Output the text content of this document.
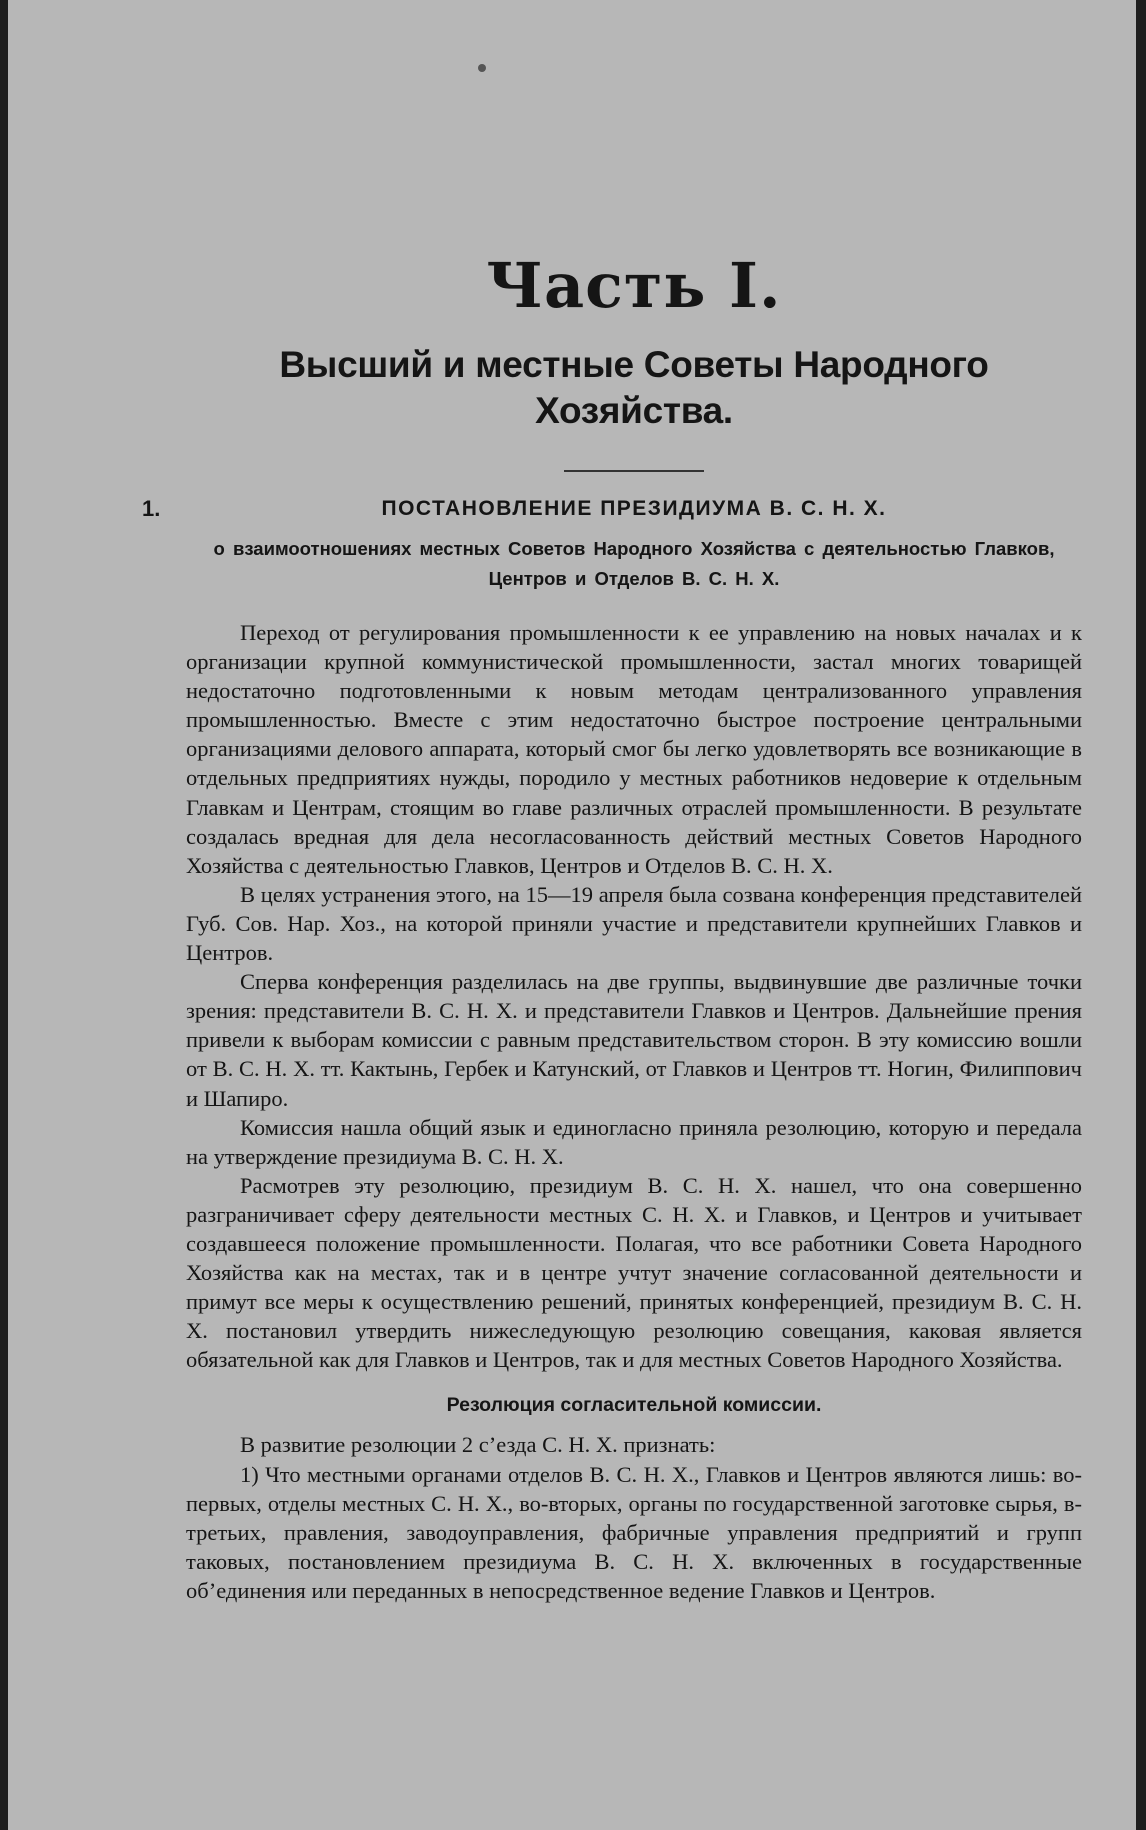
Часть I.
Высший и местные Советы Народного Хозяйства.
1.	ПОСТАНОВЛЕНИЕ ПРЕЗИДИУМА В. С. Н. Х.

о взаимоотношениях местных Советов Народного Хозяйства с деятельностью Главков, Центров и Отделов В. С. Н. Х.

Переход от регулирования промышленности к ее управлению на новых началах и к организации крупной коммунистической промышленности, застал многих товарищей недостаточно подготовленными к новым методам централизованного управления промышленностью. Вместе с этим недостаточно быстрое построение центральными организациями делового аппарата, который смог бы легко удовлетворять все возникающие в отдельных предприятиях нужды, породило у местных работников недоверие к отдельным Главкам и Центрам, стоящим во главе различных отраслей промышленности. В результате создалась вредная для дела несогласованность действий местных Советов Народного Хозяйства с деятельностью Главков, Центров и Отделов В. С. Н. Х.

В целях устранения этого, на 15—19 апреля была созвана конференция представителей Губ. Сов. Нар. Хоз., на которой приняли участие и представители крупнейших Главков и Центров.

Сперва конференция разделилась на две группы, выдвинувшие две различные точки зрения: представители В. С. Н. Х. и представители Главков и Центров. Дальнейшие прения привели к выборам комиссии с равным представительством сторон. В эту комиссию вошли от В. С. Н. Х. тт. Кактынь, Гербек и Катунский, от Главков и Центров тт. Ногин, Филиппович и Шапиро.

Комиссия нашла общий язык и единогласно приняла резолюцию, которую и передала на утверждение президиума В. С. Н. Х.

Расмотрев эту резолюцию, президиум В. С. Н. Х. нашел, что она совершенно разграничивает сферу деятельности местных С. Н. Х. и Главков, и Центров и учитывает создавшееся положение промышленности. Полагая, что все работники Совета Народного Хозяйства как на местах, так и в центре учтут значение согласованной деятельности и примут все меры к осуществлению решений, принятых конференцией, президиум В. С. Н. Х. постановил утвердить нижеследующую резолюцию совещания, каковая является обязательной как для Главков и Центров, так и для местных Советов Народного Хозяйства.

Резолюция согласительной комиссии.

В развитие резолюции 2 с’езда С. Н. Х. признать:

1) Что местными органами отделов В. С. Н. Х., Главков и Центров являются лишь: во-первых, отделы местных С. Н. Х., во-вторых, органы по государственной заготовке сырья, в-третьих, правления, заводоуправления, фабричные управления предприятий и групп таковых, постановлением президиума В. С. Н. Х. включенных в государственные об’единения или переданных в непосредственное ведение Главков и Центров.
